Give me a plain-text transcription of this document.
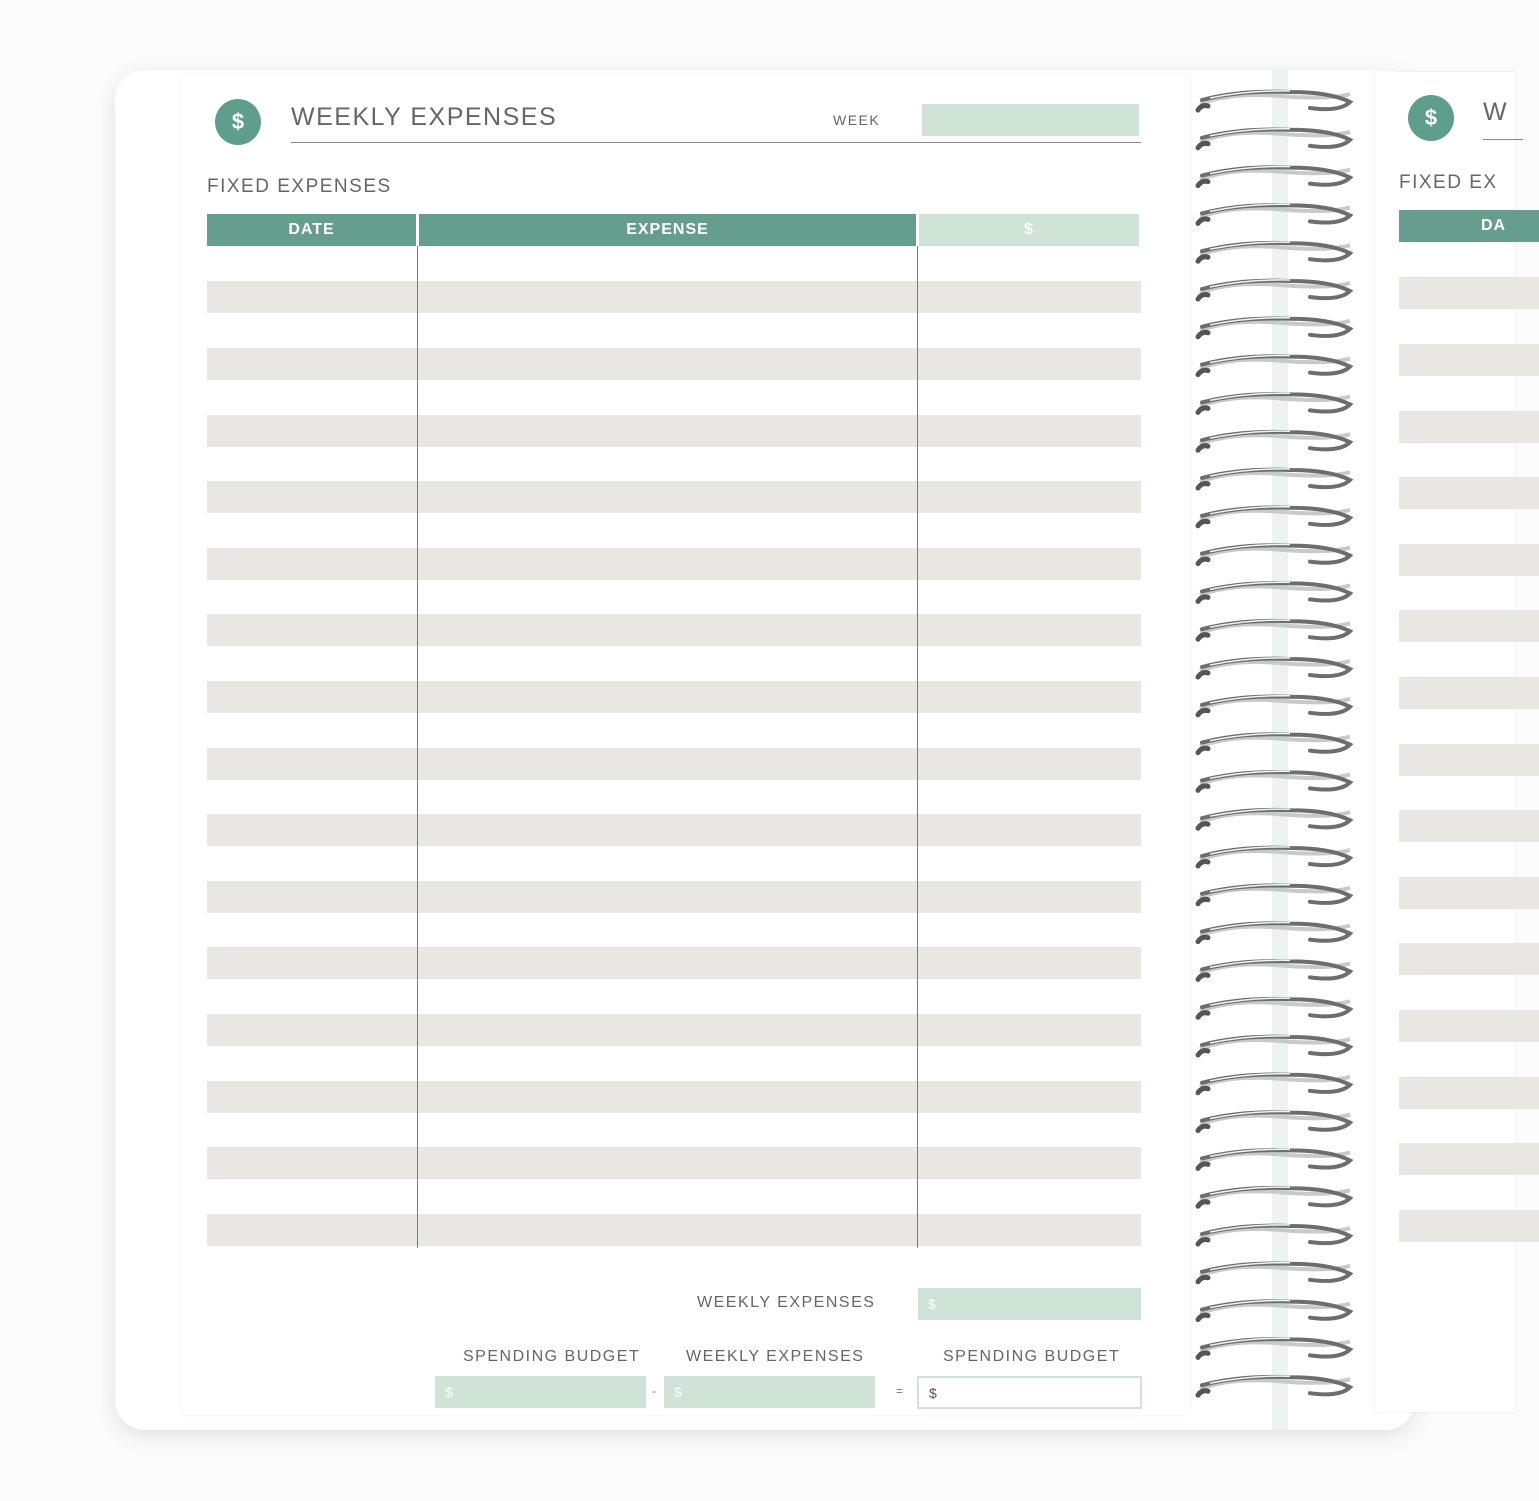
$ WEEKLY EXPENSES	WEEK
FIXED EXPENSES
DATE	EXPENSE	$
WEEKLY EXPENSES	$
SPENDING BUDGET	WEEKLY EXPENSES	SPENDING BUDGET
$	- $	= $
$ W
FIXED EX
DA
